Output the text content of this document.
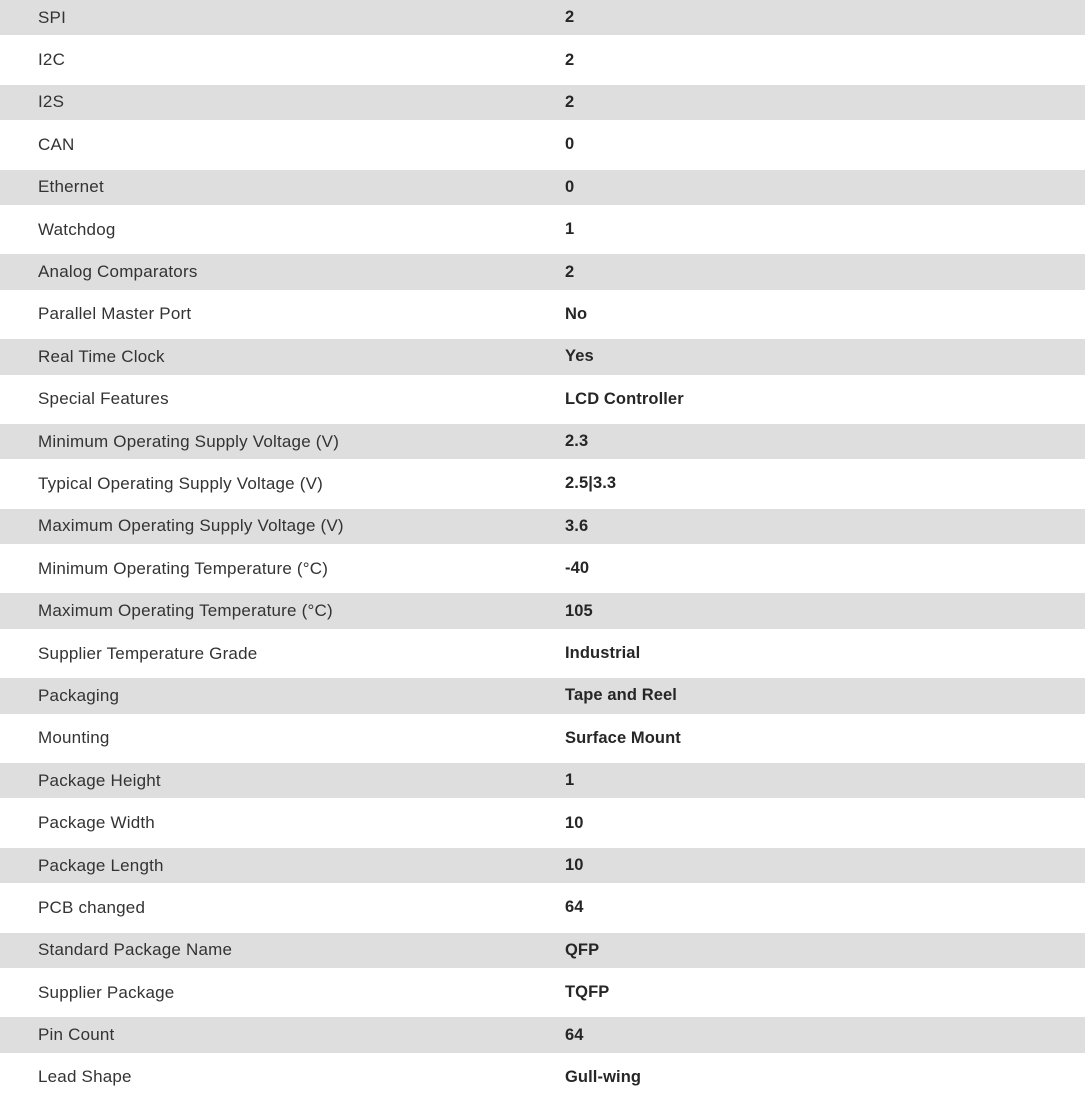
SPI	2
I2C	2
I2S	2
CAN	0
Ethernet	0
Watchdog	1
Analog Comparators	2
Parallel Master Port	No
Real Time Clock	Yes
Special Features	LCD Controller
Minimum Operating Supply Voltage (V)	2.3
Typical Operating Supply Voltage (V)	2.5|3.3
Maximum Operating Supply Voltage (V)	3.6
Minimum Operating Temperature (°C)	-40
Maximum Operating Temperature (°C)	105
Supplier Temperature Grade	Industrial
Packaging	Tape and Reel
Mounting	Surface Mount
Package Height	1
Package Width	10
Package Length	10
PCB changed	64
Standard Package Name	QFP
Supplier Package	TQFP
Pin Count	64
Lead Shape	Gull-wing
